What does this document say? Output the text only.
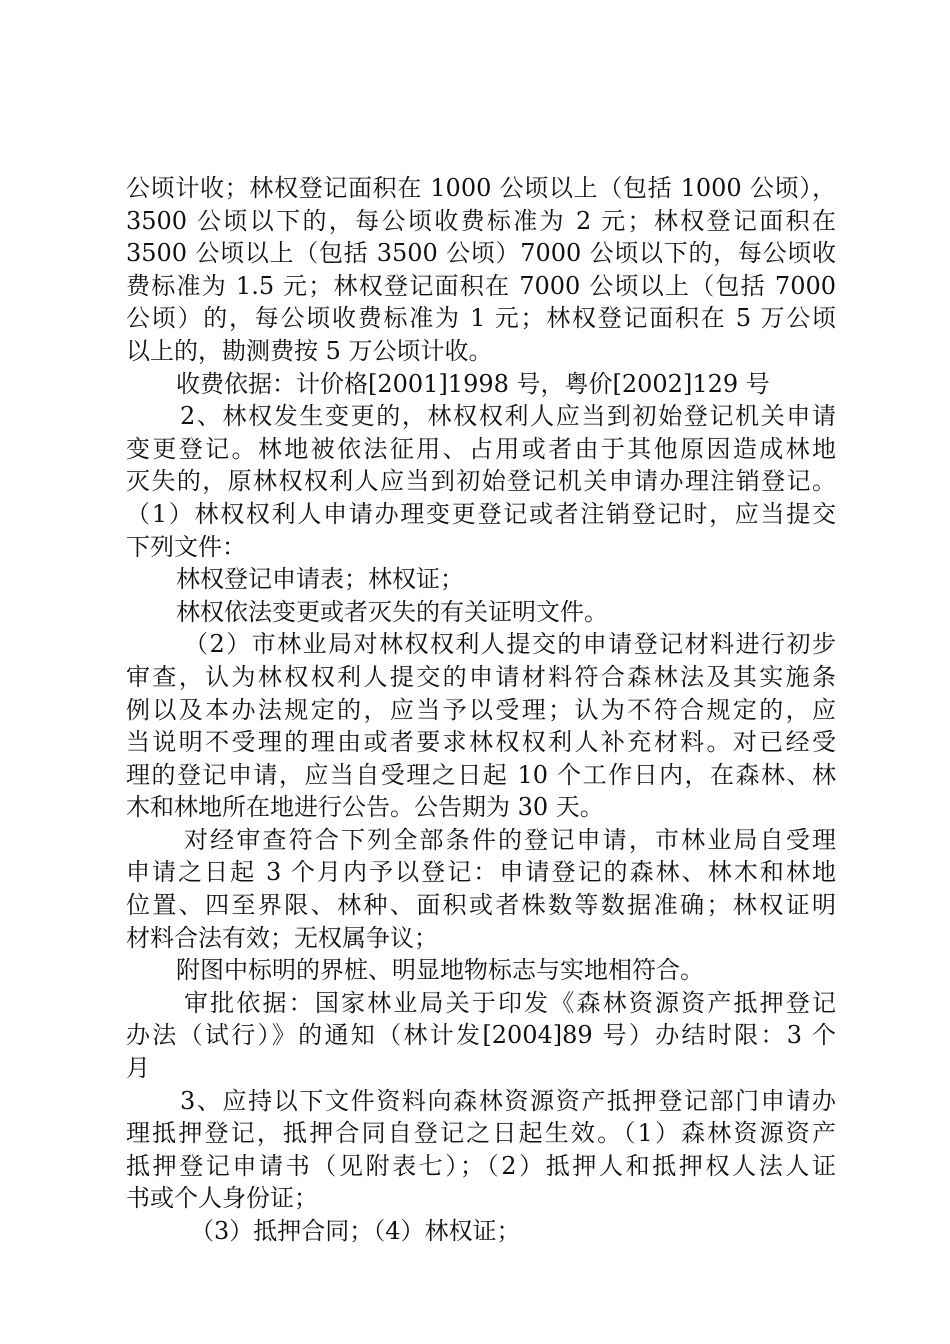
公顷计收；林权登记面积在 1000 公顷以上（包括 1000 公顷），
3500 公顷以下的，每公顷收费标准为 2 元；林权登记面积在
3500 公顷以上（包括 3500 公顷）7000 公顷以下的，每公顷收
费标准为 1.5 元；林权登记面积在 7000 公顷以上（包括 7000
公顷）的，每公顷收费标准为 1 元；林权登记面积在 5 万公顷
以上的，勘测费按 5 万公顷计收。
收费依据：计价格[2001]1998 号，粤价[2002]129 号
2、林权发生变更的，林权权利人应当到初始登记机关申请
变更登记。林地被依法征用、占用或者由于其他原因造成林地
灭失的，原林权权利人应当到初始登记机关申请办理注销登记。
（1）林权权利人申请办理变更登记或者注销登记时，应当提交
下列文件：
林权登记申请表；林权证；
林权依法变更或者灭失的有关证明文件。
（2）市林业局对林权权利人提交的申请登记材料进行初步
审查，认为林权权利人提交的申请材料符合森林法及其实施条
例以及本办法规定的，应当予以受理；认为不符合规定的，应
当说明不受理的理由或者要求林权权利人补充材料。对已经受
理的登记申请，应当自受理之日起 10 个工作日内，在森林、林
木和林地所在地进行公告。公告期为 30 天。
对经审查符合下列全部条件的登记申请，市林业局自受理
申请之日起 3 个月内予以登记：申请登记的森林、林木和林地
位置、四至界限、林种、面积或者株数等数据准确；林权证明
材料合法有效；无权属争议；
附图中标明的界桩、明显地物标志与实地相符合。
审批依据：国家林业局关于印发《森林资源资产抵押登记
办法（试行）》的通知（林计发[2004]89 号）办结时限：3 个
月
3、应持以下文件资料向森林资源资产抵押登记部门申请办
理抵押登记，抵押合同自登记之日起生效。（1）森林资源资产
抵押登记申请书（见附表七）；（2）抵押人和抵押权人法人证
书或个人身份证；
（3）抵押合同；（4）林权证；
